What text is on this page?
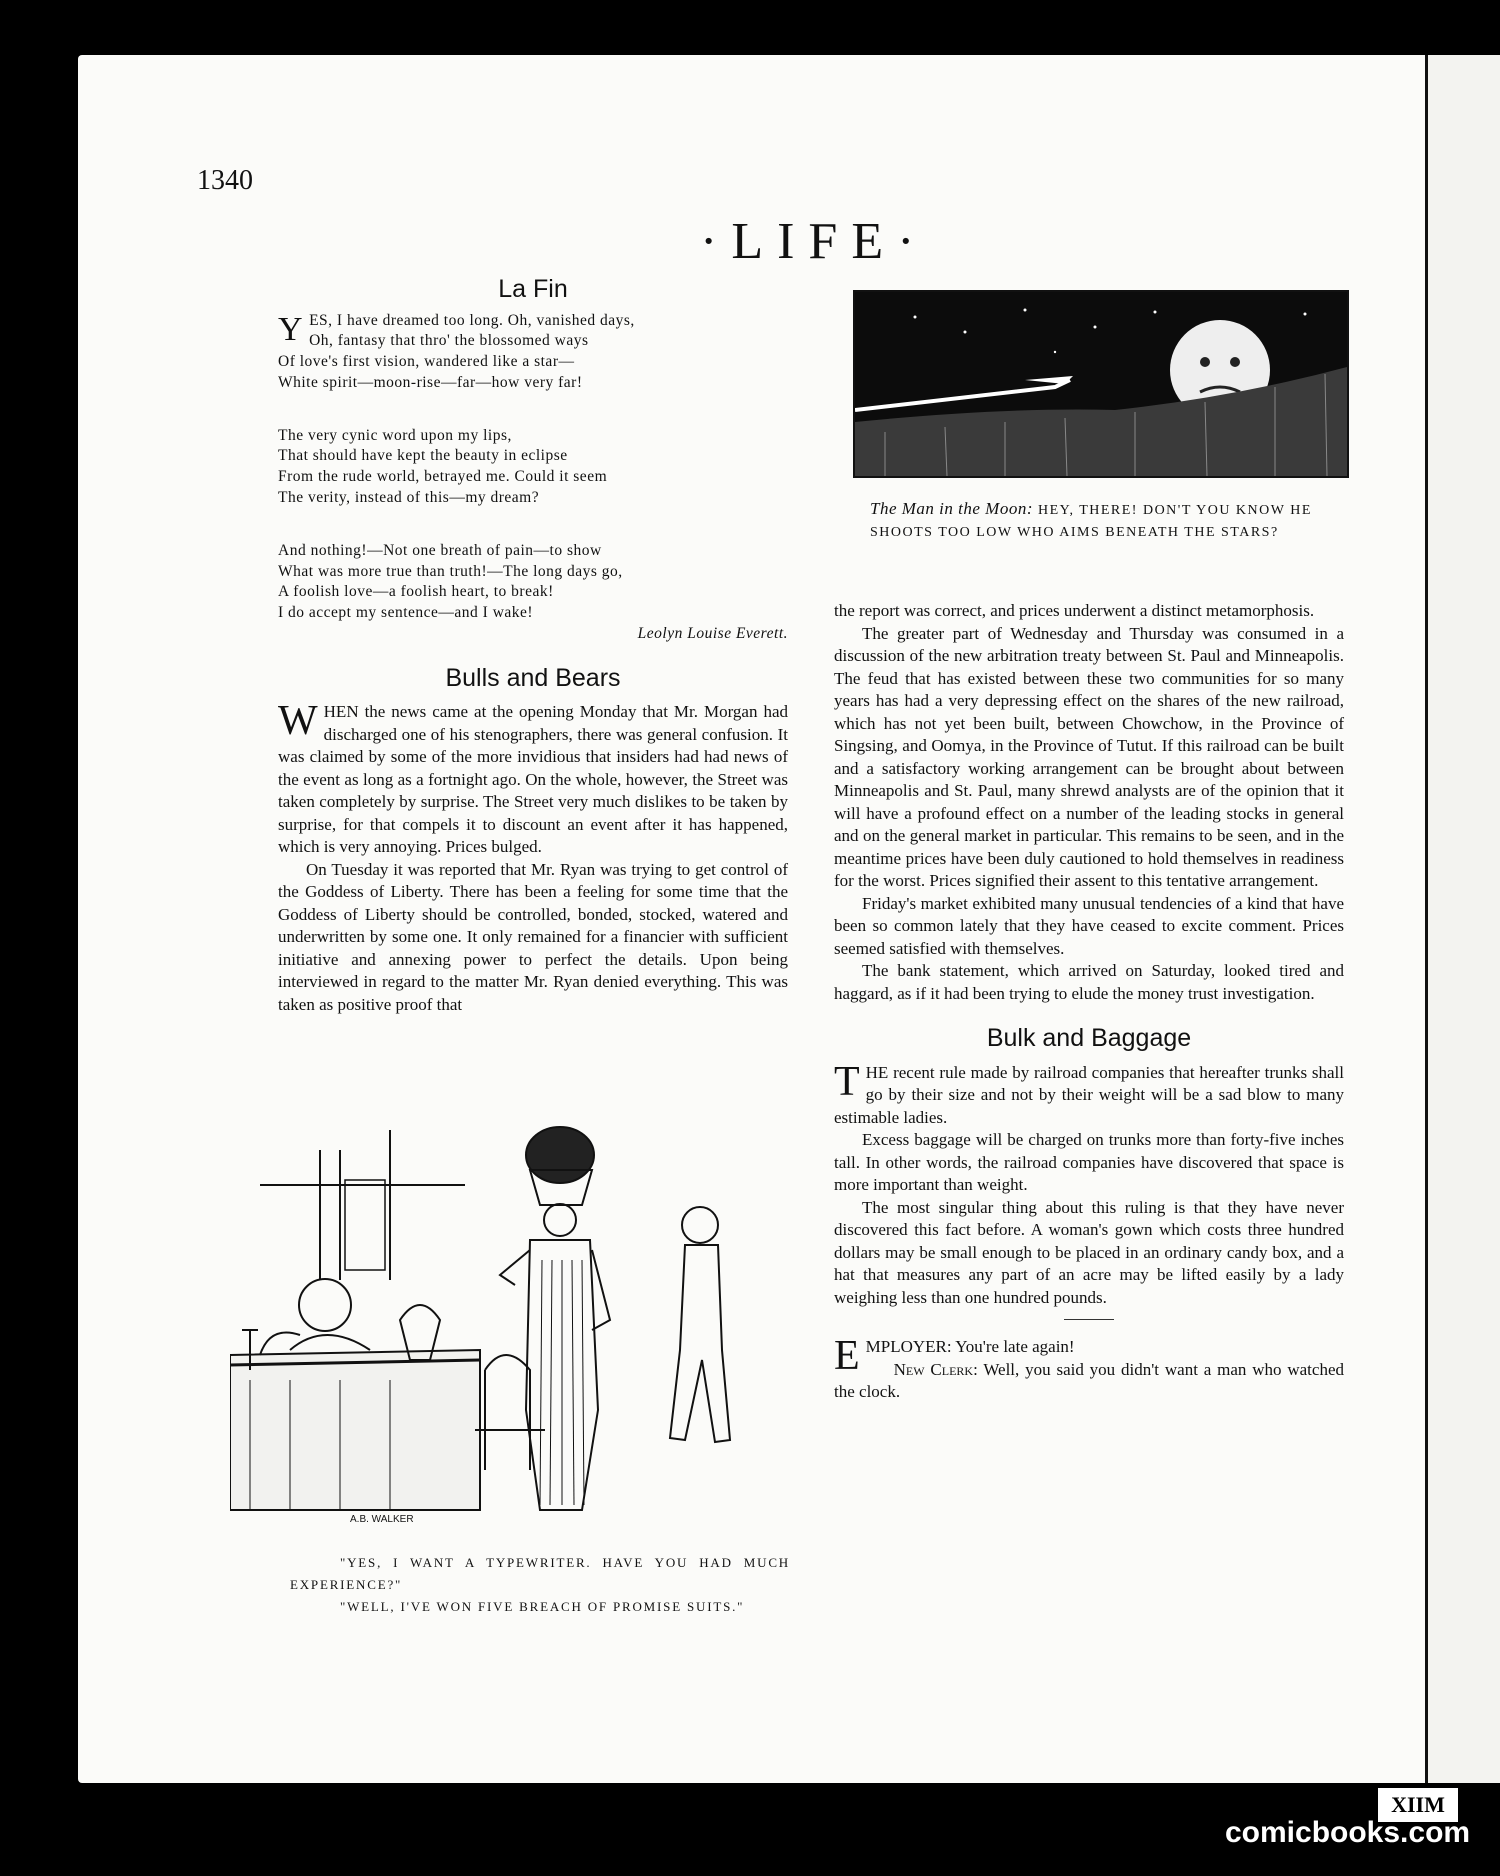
1340
·LIFE·
La Fin
Y ES, I have dreamed too long. Oh, vanished days,
Oh, fantasy that thro' the blossomed ways
Of love's first vision, wandered like a star—
White spirit—moon-rise—far—how very far!
The very cynic word upon my lips,
That should have kept the beauty in eclipse
From the rude world, betrayed me. Could it seem
The verity, instead of this—my dream?
And nothing!—Not one breath of pain—to show
What was more true than truth!—The long days go,
A foolish love—a foolish heart, to break!
I do accept my sentence—and I wake!
Leolyn Louise Everett.
Bulls and Bears

WHEN the news came at the opening Monday that Mr. Morgan had discharged one of his stenographers, there was general confusion. It was claimed by some of the more invidious that insiders had had news of the event as long as a fortnight ago. On the whole, however, the Street was taken completely by surprise. The Street very much dislikes to be taken by surprise, for that compels it to discount an event after it has happened, which is very annoying. Prices bulged.

On Tuesday it was reported that Mr. Ryan was trying to get control of the Goddess of Liberty. There has been a feeling for some time that the Goddess of Liberty should be controlled, bonded, stocked, watered and underwritten by some one. It only remained for a financier with sufficient initiative and annexing power to perfect the details. Upon being interviewed in regard to the matter Mr. Ryan denied everything. This was taken as positive proof that

A.B. WALKER
"YES, I WANT A TYPEWRITER. HAVE YOU HAD MUCH EXPERIENCE?"
"WELL, I'VE WON FIVE BREACH OF PROMISE SUITS."
The Man in the Moon: HEY, THERE! DON'T YOU KNOW HE SHOOTS TOO LOW WHO AIMS BENEATH THE STARS?

the report was correct, and prices underwent a distinct metamorphosis.

The greater part of Wednesday and Thursday was consumed in a discussion of the new arbitration treaty between St. Paul and Minneapolis. The feud that has existed between these two communities for so many years has had a very depressing effect on the shares of the new railroad, which has not yet been built, between Chowchow, in the Province of Singsing, and Oomya, in the Province of Tutut. If this railroad can be built and a satisfactory working arrangement can be brought about between Minneapolis and St. Paul, many shrewd analysts are of the opinion that it will have a profound effect on a number of the leading stocks in general and on the general market in particular. This remains to be seen, and in the meantime prices have been duly cautioned to hold themselves in readiness for the worst. Prices signified their assent to this tentative arrangement.

Friday's market exhibited many unusual tendencies of a kind that have been so common lately that they have ceased to excite comment. Prices seemed satisfied with themselves.

The bank statement, which arrived on Saturday, looked tired and haggard, as if it had been trying to elude the money trust investigation.

Bulk and Baggage

THE recent rule made by railroad companies that hereafter trunks shall go by their size and not by their weight will be a sad blow to many estimable ladies.

Excess baggage will be charged on trunks more than forty-five inches tall. In other words, the railroad companies have discovered that space is more important than weight.

The most singular thing about this ruling is that they have never discovered this fact before. A woman's gown which costs three hundred dollars may be small enough to be placed in an ordinary candy box, and a hat that measures any part of an acre may be lifted easily by a lady weighing less than one hundred pounds.

EMPLOYER: You're late again!

New Clerk: Well, you said you didn't want a man who watched the clock.

XIIM
comicbooks.com
